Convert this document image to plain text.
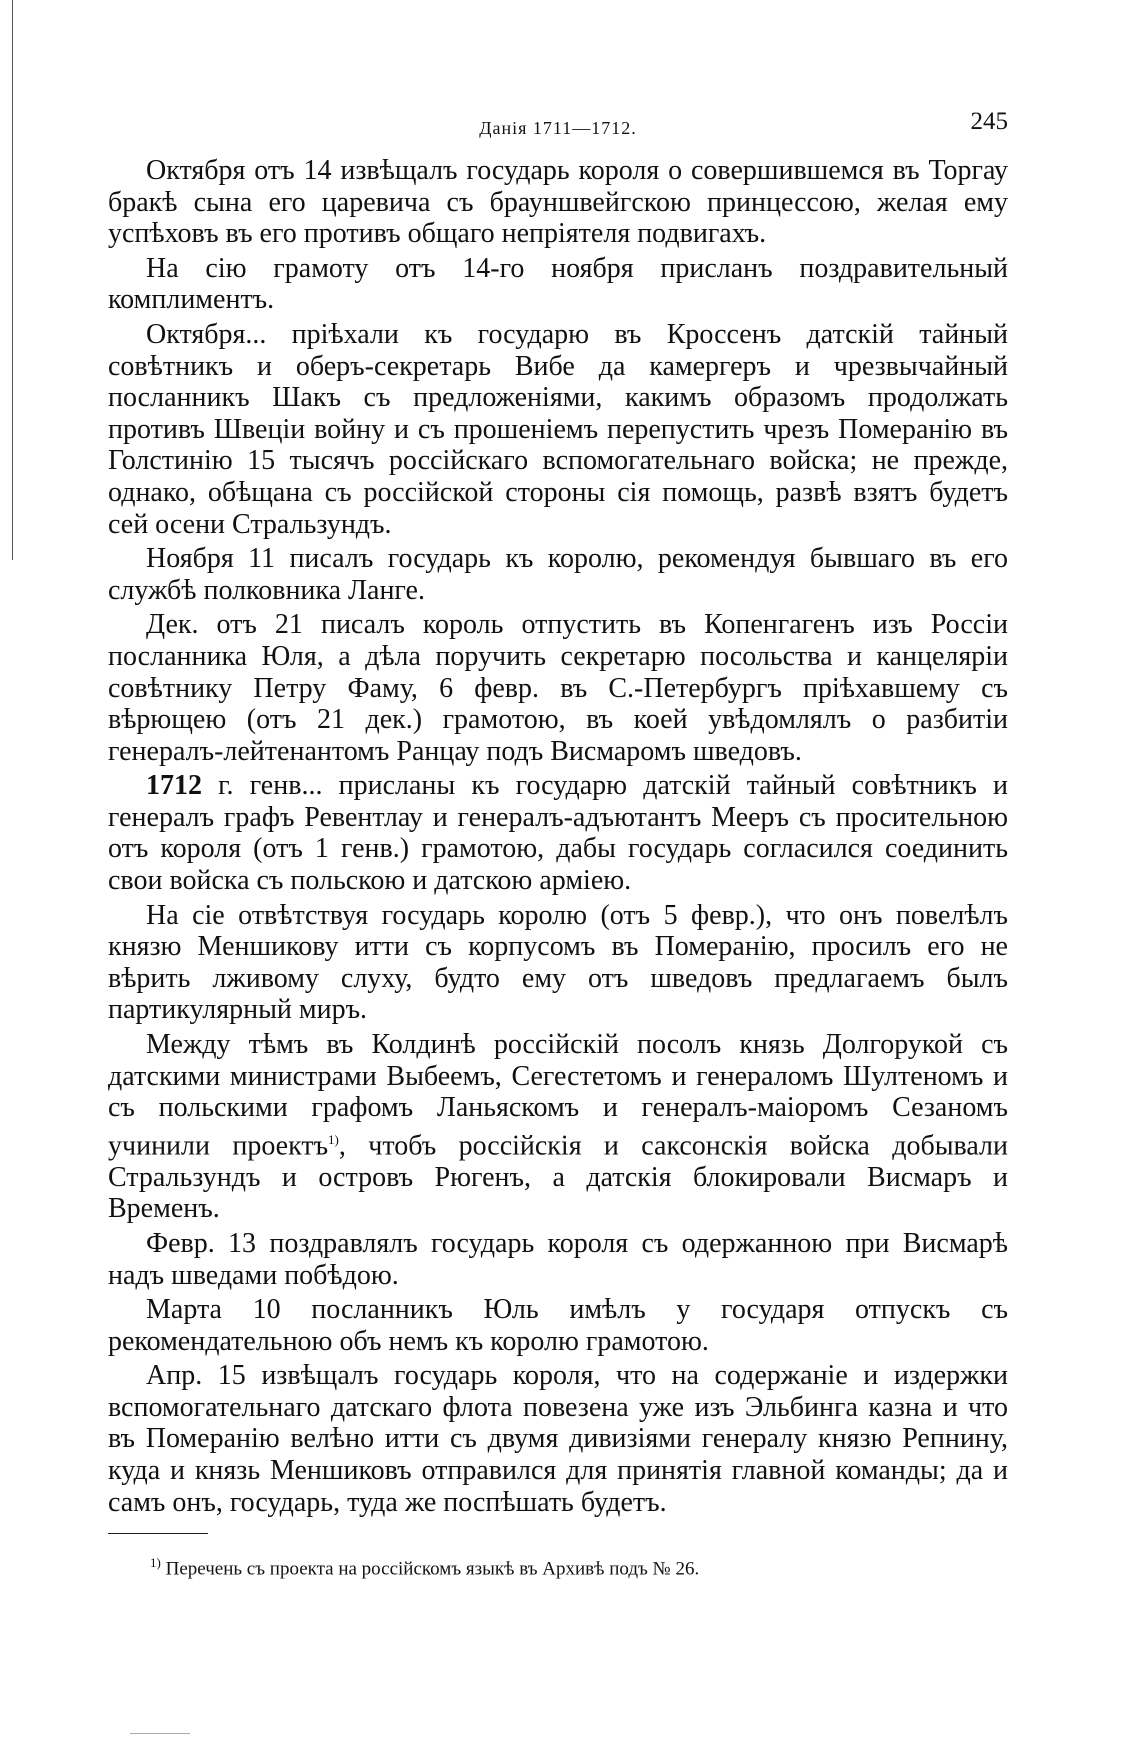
Данія 1711—1712.	245

Октября отъ 14 извѣщалъ государь короля о совершившемся въ Торгау бракѣ сына его царевича съ брауншвейгскою принцессою, желая ему успѣховъ въ его противъ общаго непріятеля подвигахъ.

На сію грамоту отъ 14-го ноября присланъ поздравительный комплиментъ.

Октября... пріѣхали къ государю въ Кроссенъ датскій тайный совѣтникъ и оберъ-секретарь Вибе да камергеръ и чрезвычайный посланникъ Шакъ съ предложеніями, какимъ образомъ продолжать противъ Швеціи войну и съ прошеніемъ перепустить чрезъ Померанію въ Голстинію 15 тысячъ россійскаго вспомогательнаго войска; не прежде, однако, обѣщана съ россійской стороны сія помощь, развѣ взятъ будетъ сей осени Стральзундъ.

Ноября 11 писалъ государь къ королю, рекомендуя бывшаго въ его службѣ полковника Ланге.

Дек. отъ 21 писалъ король отпустить въ Копенгагенъ изъ Россіи посланника Юля, а дѣла поручить секретарю посольства и канцеляріи совѣтнику Петру Фаму, 6 февр. въ С.-Петербургъ пріѣхавшему съ вѣрющею (отъ 21 дек.) грамотою, въ коей увѣдомлялъ о разбитіи генералъ-лейтенантомъ Ранцау подъ Висмаромъ шведовъ.

1712 г. генв... присланы къ государю датскій тайный совѣтникъ и генералъ графъ Ревентлау и генералъ-адъютантъ Мееръ съ просительною отъ короля (отъ 1 генв.) грамотою, дабы государь согласился соединить свои войска съ польскою и датскою арміею.

На сіе отвѣтствуя государь королю (отъ 5 февр.), что онъ повелѣлъ князю Меншикову итти съ корпусомъ въ Померанію, просилъ его не вѣрить лживому слуху, будто ему отъ шведовъ предлагаемъ былъ партикулярный миръ.

Между тѣмъ въ Колдинѣ россійскій посолъ князь Долгорукой съ датскими министрами Выбеемъ, Сегестетомъ и генераломъ Шултеномъ и съ польскими графомъ Ланьяскомъ и генералъ-маіоромъ Сезаномъ учинили проектъ$^{1)}$, чтобъ россійскія и саксонскія войска добывали Стральзундъ и островъ Рюгенъ, а датскія блокировали Висмаръ и Временъ.

Февр. 13 поздравлялъ государь короля съ одержанною при Висмарѣ надъ шведами побѣдою.

Марта 10 посланникъ Юль имѣлъ у государя отпускъ съ рекомендательною объ немъ къ королю грамотою.

Апр. 15 извѣщалъ государь короля, что на содержаніе и издержки вспомогательнаго датскаго флота повезена уже изъ Эльбинга казна и что въ Померанію велѣно итти съ двумя дивизіями генералу князю Репнину, куда и князь Меншиковъ отправился для принятія главной команды; да и самъ онъ, государь, туда же поспѣшать будетъ.

$^{1)}$ Перечень съ проекта на россійскомъ языкѣ въ Архивѣ подъ № 26.
